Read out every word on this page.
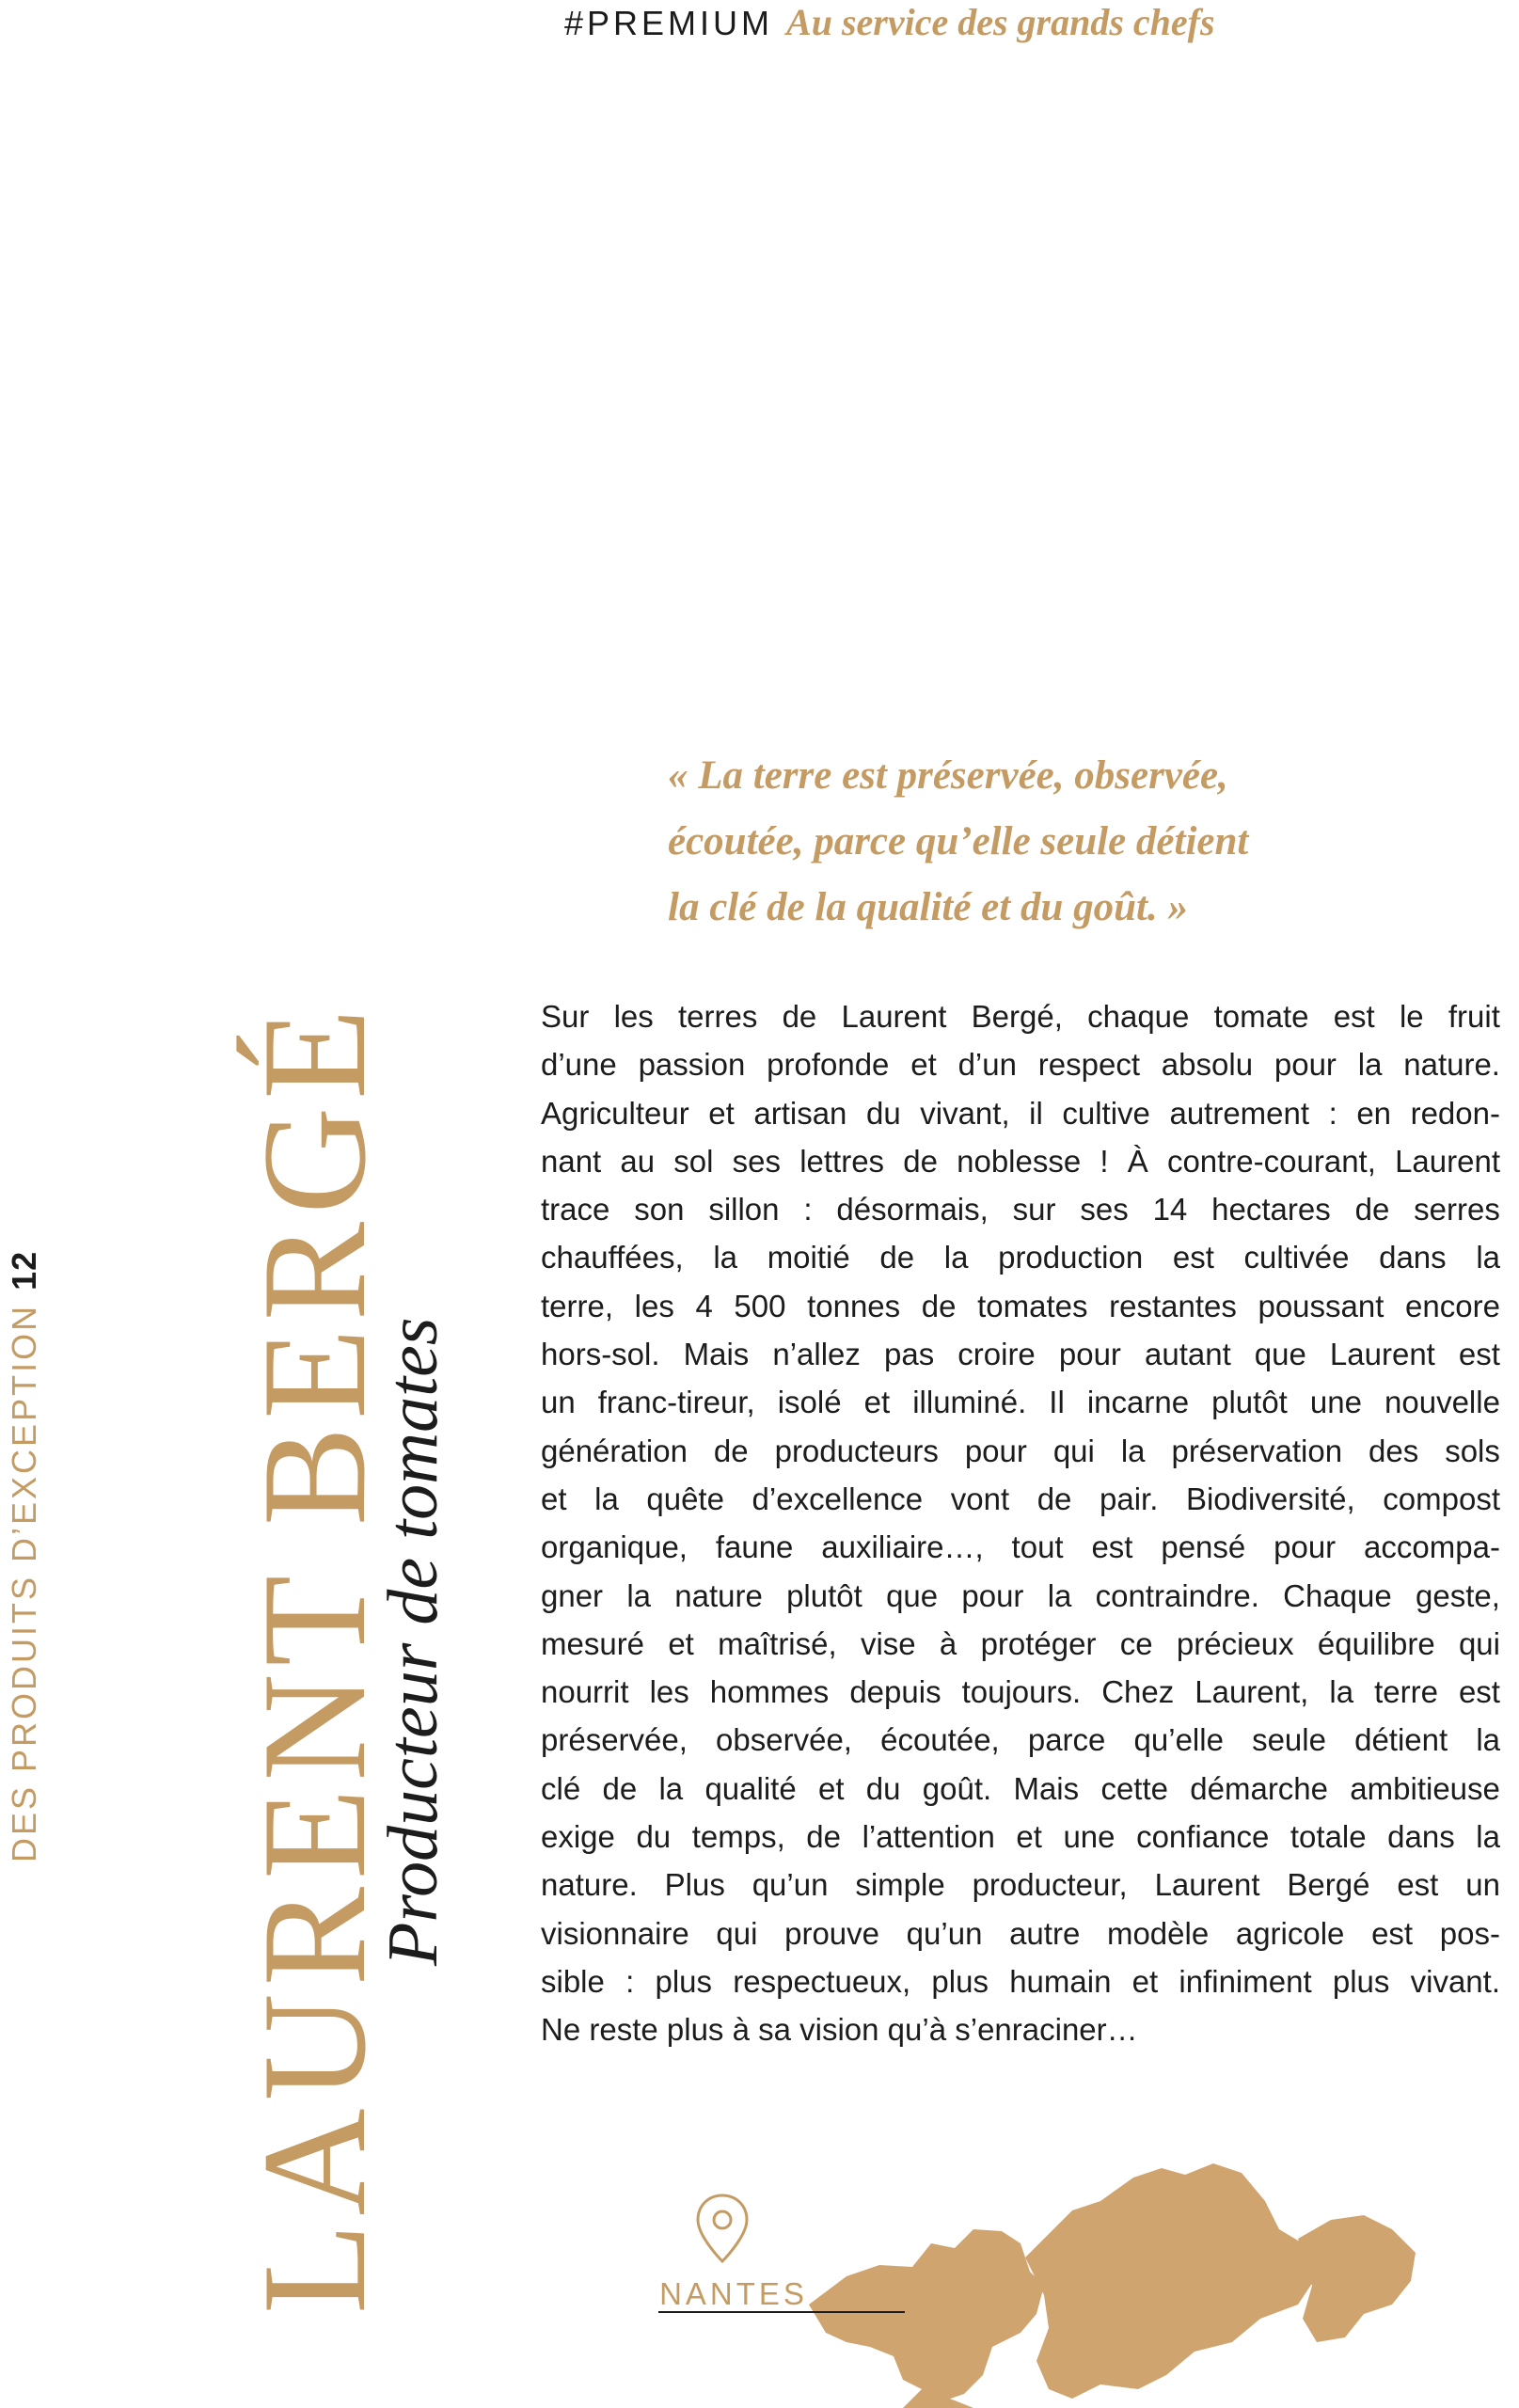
#PREMIUM Au service des grands chefs
DES PRODUITS D’EXCEPTION12 LAURENT BERGÉ
Producteur de tomates
« La terre est préservée, observée,
écoutée, parce qu’elle seule détient
la clé de la qualité et du goût. »
Sur les terres de Laurent Bergé, chaque tomate est le fruit
d’une passion profonde et d’un respect absolu pour la nature.
Agriculteur et artisan du vivant, il cultive autrement : en redon-
nant au sol ses lettres de noblesse ! À contre-courant, Laurent
trace son sillon : désormais, sur ses 14 hectares de serres
chauffées, la moitié de la production est cultivée dans la
terre, les 4 500 tonnes de tomates restantes poussant encore
hors-sol. Mais n’allez pas croire pour autant que Laurent est
un franc-tireur, isolé et illuminé. Il incarne plutôt une nouvelle
génération de producteurs pour qui la préservation des sols
et la quête d’excellence vont de pair. Biodiversité, compost
organique, faune auxiliaire…, tout est pensé pour accompa-
gner la nature plutôt que pour la contraindre. Chaque geste,
mesuré et maîtrisé, vise à protéger ce précieux équilibre qui
nourrit les hommes depuis toujours. Chez Laurent, la terre est
préservée, observée, écoutée, parce qu’elle seule détient la
clé de la qualité et du goût. Mais cette démarche ambitieuse
exige du temps, de l’attention et une confiance totale dans la
nature. Plus qu’un simple producteur, Laurent Bergé est un
visionnaire qui prouve qu’un autre modèle agricole est pos-
sible : plus respectueux, plus humain et infiniment plus vivant.
Ne reste plus à sa vision qu’à s’enraciner…
NANTES
